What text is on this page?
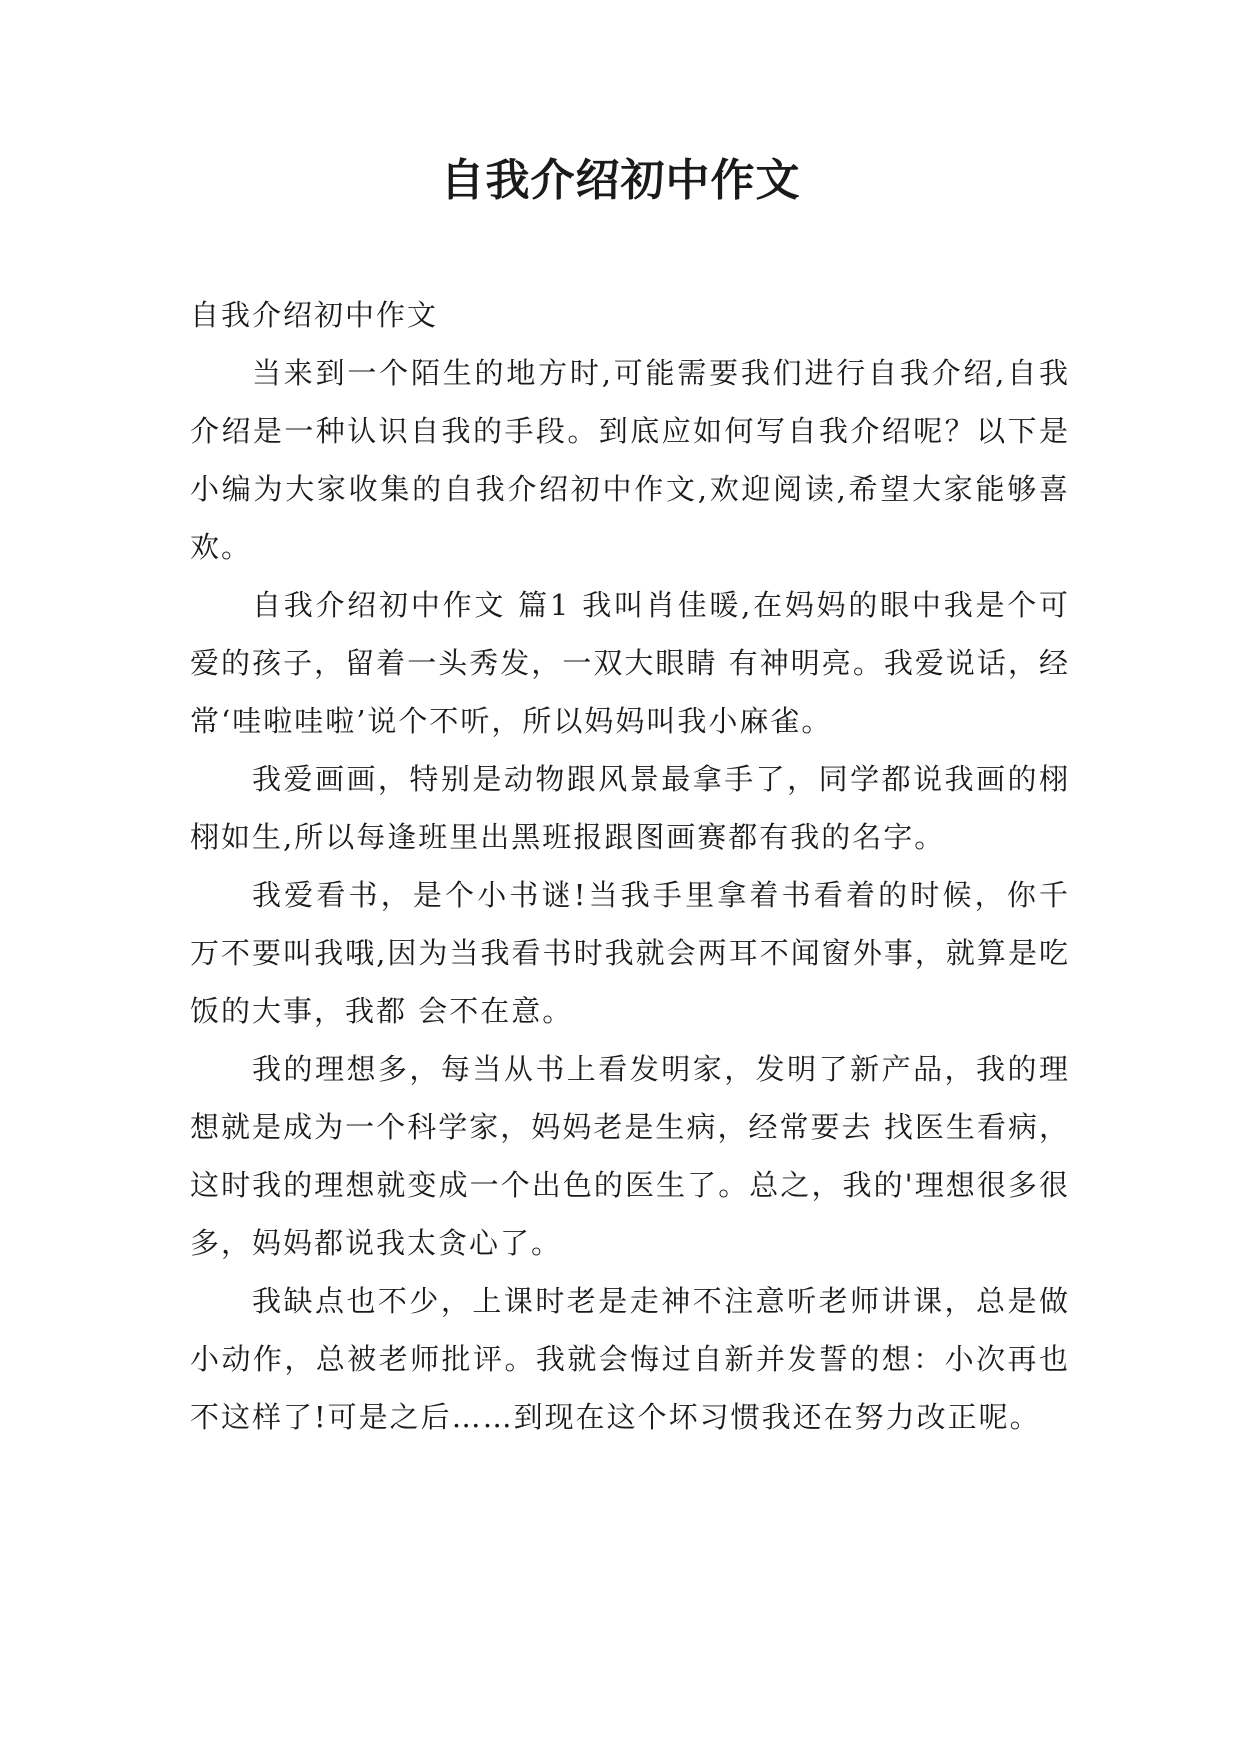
自我介绍初中作文

自我介绍初中作文

当来到一个陌生的地方时,可能需要我们进行自我介绍,自我介绍是一种认识自我的手段。到底应如何写自我介绍呢？以下是小编为大家收集的自我介绍初中作文,欢迎阅读,希望大家能够喜欢。

自我介绍初中作文 篇1 我叫肖佳暖,在妈妈的眼中我是个可爱的孩子，留着一头秀发，一双大眼睛 有神明亮。我爱说话，经常‘哇啦哇啦’说个不听，所以妈妈叫我小麻雀。

我爱画画，特别是动物跟风景最拿手了，同学都说我画的栩栩如生,所以每逢班里出黑班报跟图画赛都有我的名字。

我爱看书，是个小书谜!当我手里拿着书看着的时候，你千万不要叫我哦,因为当我看书时我就会两耳不闻窗外事，就算是吃饭的大事，我都 会不在意。

我的理想多，每当从书上看发明家，发明了新产品，我的理想就是成为一个科学家，妈妈老是生病，经常要去 找医生看病，这时我的理想就变成一个出色的医生了。总之，我的'理想很多很多，妈妈都说我太贪心了。

我缺点也不少，上课时老是走神不注意听老师讲课，总是做小动作，总被老师批评。我就会悔过自新并发誓的想：小次再也不这样了!可是之后……到现在这个坏习惯我还在努力改正呢。
